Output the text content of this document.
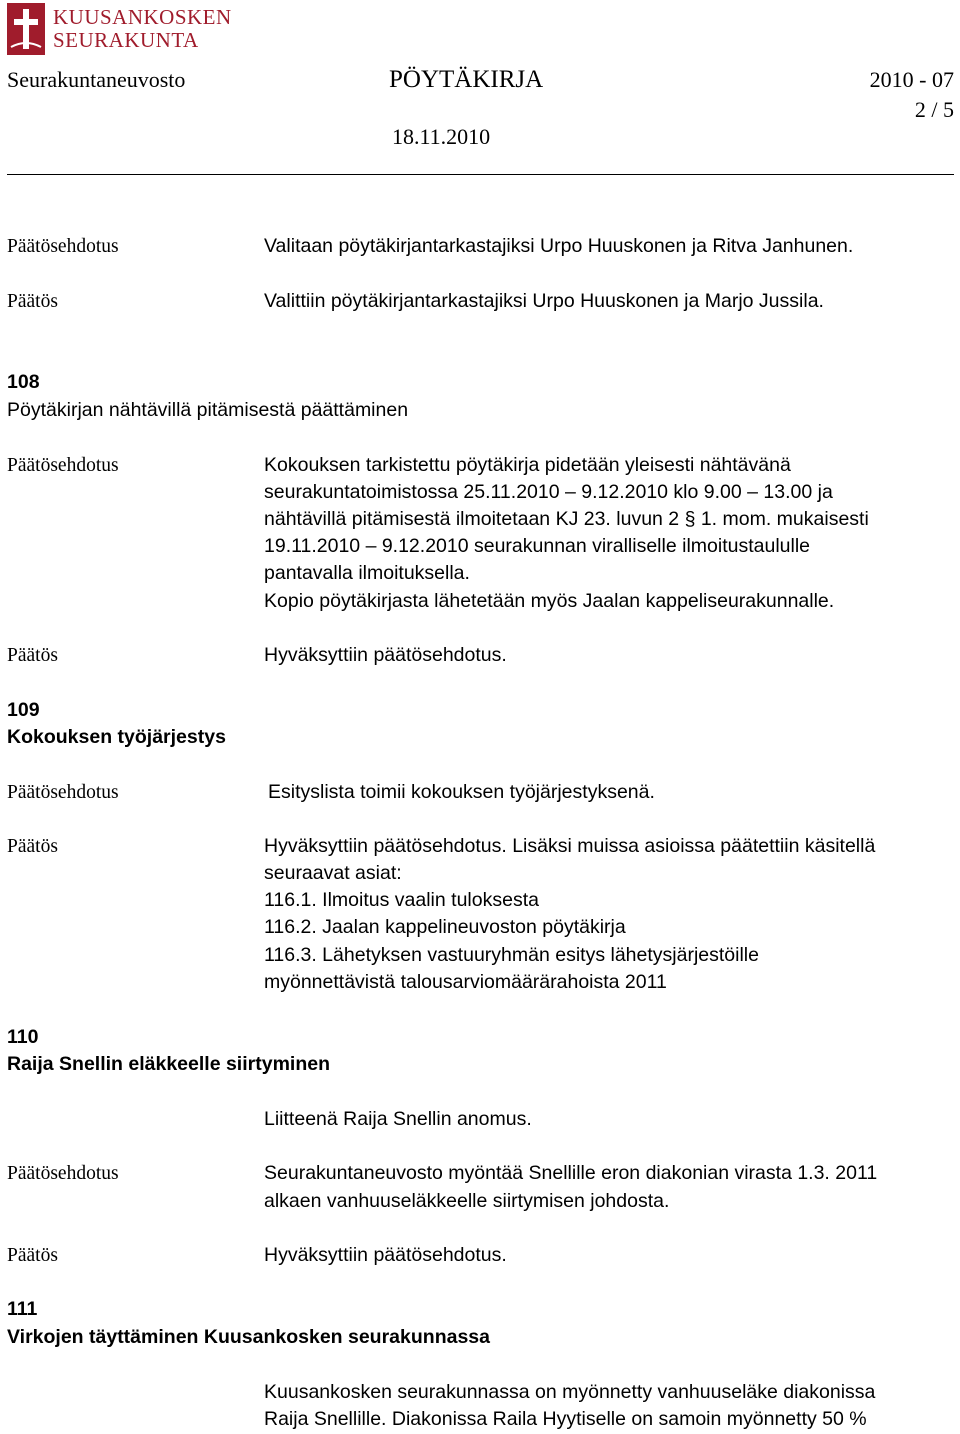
KUUSANKOSKEN
SEURAKUNTA
Seurakuntaneuvosto	PÖYTÄKIRJA	2010 - 07
2 / 5
18.11.2010
Päätösehdotus	Valitaan pöytäkirjantarkastajiksi Urpo Huuskonen ja Ritva Janhunen.
Päätös	Valittiin pöytäkirjantarkastajiksi Urpo Huuskonen ja Marjo Jussila.
108
Pöytäkirjan nähtävillä pitämisestä päättäminen
Päätösehdotus	Kokouksen tarkistettu pöytäkirja pidetään yleisesti nähtävänä
seurakuntatoimistossa 25.11.2010 – 9.12.2010 klo 9.00 – 13.00 ja
nähtävillä pitämisestä ilmoitetaan KJ 23. luvun 2 § 1. mom. mukaisesti
19.11.2010 – 9.12.2010 seurakunnan viralliselle ilmoitustaululle
pantavalla ilmoituksella.
Kopio pöytäkirjasta lähetetään myös Jaalan kappeliseurakunnalle.
Päätös	Hyväksyttiin päätösehdotus.
109
Kokouksen työjärjestys
Päätösehdotus	Esityslista toimii kokouksen työjärjestyksenä.
Päätös	Hyväksyttiin päätösehdotus. Lisäksi muissa asioissa päätettiin käsitellä
seuraavat asiat:
116.1. Ilmoitus vaalin tuloksesta
116.2. Jaalan kappelineuvoston pöytäkirja
116.3. Lähetyksen vastuuryhmän esitys lähetysjärjestöille
myönnettävistä talousarviomäärärahoista 2011
110
Raija Snellin eläkkeelle siirtyminen
Liitteenä Raija Snellin anomus.
Päätösehdotus	Seurakuntaneuvosto myöntää Snellille eron diakonian virasta 1.3. 2011
alkaen vanhuuseläkkeelle siirtymisen johdosta.
Päätös	Hyväksyttiin päätösehdotus.
111
Virkojen täyttäminen Kuusankosken seurakunnassa
Kuusankosken seurakunnassa on myönnetty vanhuuseläke diakonissa
Raija Snellille. Diakonissa Raila Hyytiselle on samoin myönnetty 50 %
